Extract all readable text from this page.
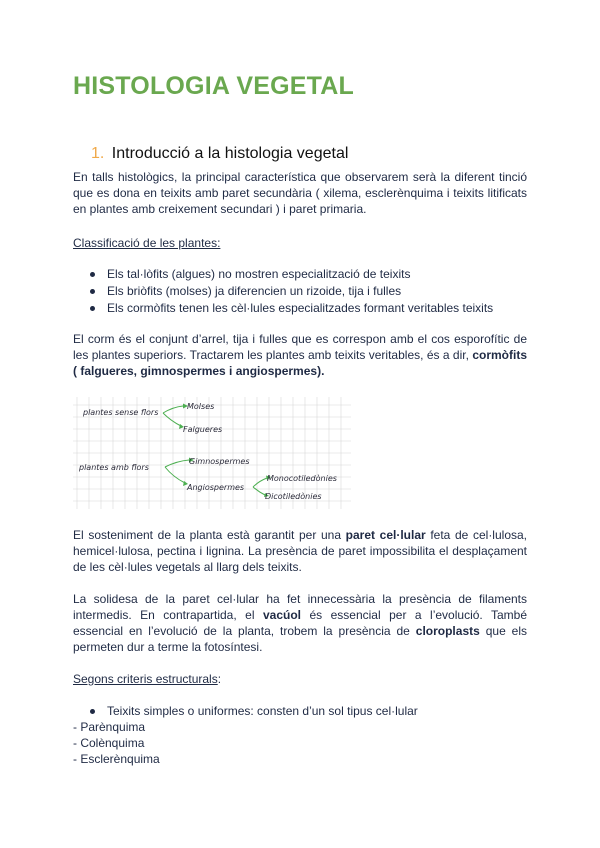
HISTOLOGIA VEGETAL

1. Introducció a la histologia vegetal

En talls histològics, la principal característica que observarem serà la diferent tinció que es dona en teixits amb paret secundària ( xilema, esclerènquima i teixits litificats en plantes amb creixement secundari ) i paret primaria.

Classificació de les plantes:

Els tal·lòfits (algues) no mostren especialització de teixits
Els briòfits (molses) ja diferencien un rizoide, tija i fulles
Els cormòfits tenen les cèl·lules especialitzades formant veritables teixits

El corm és el conjunt d’arrel, tija i fulles que es correspon amb el cos esporofític de les plantes superiors. Tractarem les plantes amb teixits veritables, és a dir, cormòfits ( falgueres, gimnospermes i angiospermes).

plantes sense flors
Molses
Falgueres
plantes amb flors
Gimnospermes
Angiospermes
Monocotiledònies
Dicotiledònies

El sosteniment de la planta està garantit per una paret cel·lular feta de cel·lulosa, hemicel·lulosa, pectina i lignina. La presència de paret impossibilita el desplaçament de les cèl·lules vegetals al llarg dels teixits.

La solidesa de la paret cel·lular ha fet innecessària la presència de filaments intermedis. En contrapartida, el vacúol és essencial per a l’evolució. També essencial en l’evolució de la planta, trobem la presència de cloroplasts que els permeten dur a terme la fotosíntesi.

Segons criteris estructurals:

Teixits simples o uniformes: consten d’un sol tipus cel·lular

- Parènquima

- Colènquima

- Esclerènquima
